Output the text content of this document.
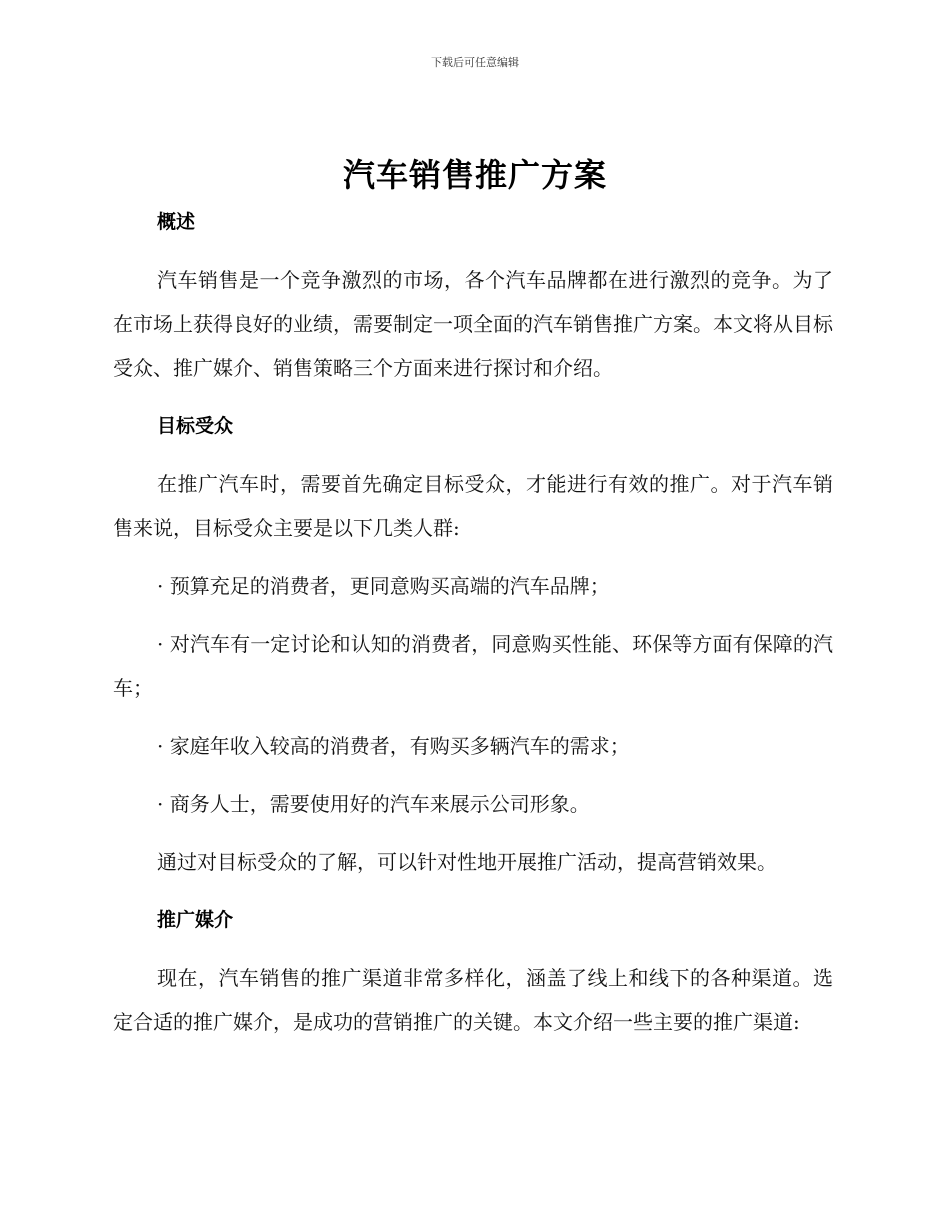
下载后可任意编辑
汽车销售推广方案
概述

汽车销售是一个竞争激烈的市场，各个汽车品牌都在进行激烈的竞争。为了在市场上获得良好的业绩，需要制定一项全面的汽车销售推广方案。本文将从目标受众、推广媒介、销售策略三个方面来进行探讨和介绍。

目标受众

在推广汽车时，需要首先确定目标受众，才能进行有效的推广。对于汽车销售来说，目标受众主要是以下几类人群:

· 预算充足的消费者，更同意购买高端的汽车品牌；

· 对汽车有一定讨论和认知的消费者，同意购买性能、环保等方面有保障的汽车；

· 家庭年收入较高的消费者，有购买多辆汽车的需求；

· 商务人士，需要使用好的汽车来展示公司形象。

通过对目标受众的了解，可以针对性地开展推广活动，提高营销效果。

推广媒介

现在，汽车销售的推广渠道非常多样化，涵盖了线上和线下的各种渠道。选定合适的推广媒介，是成功的营销推广的关键。本文介绍一些主要的推广渠道:
